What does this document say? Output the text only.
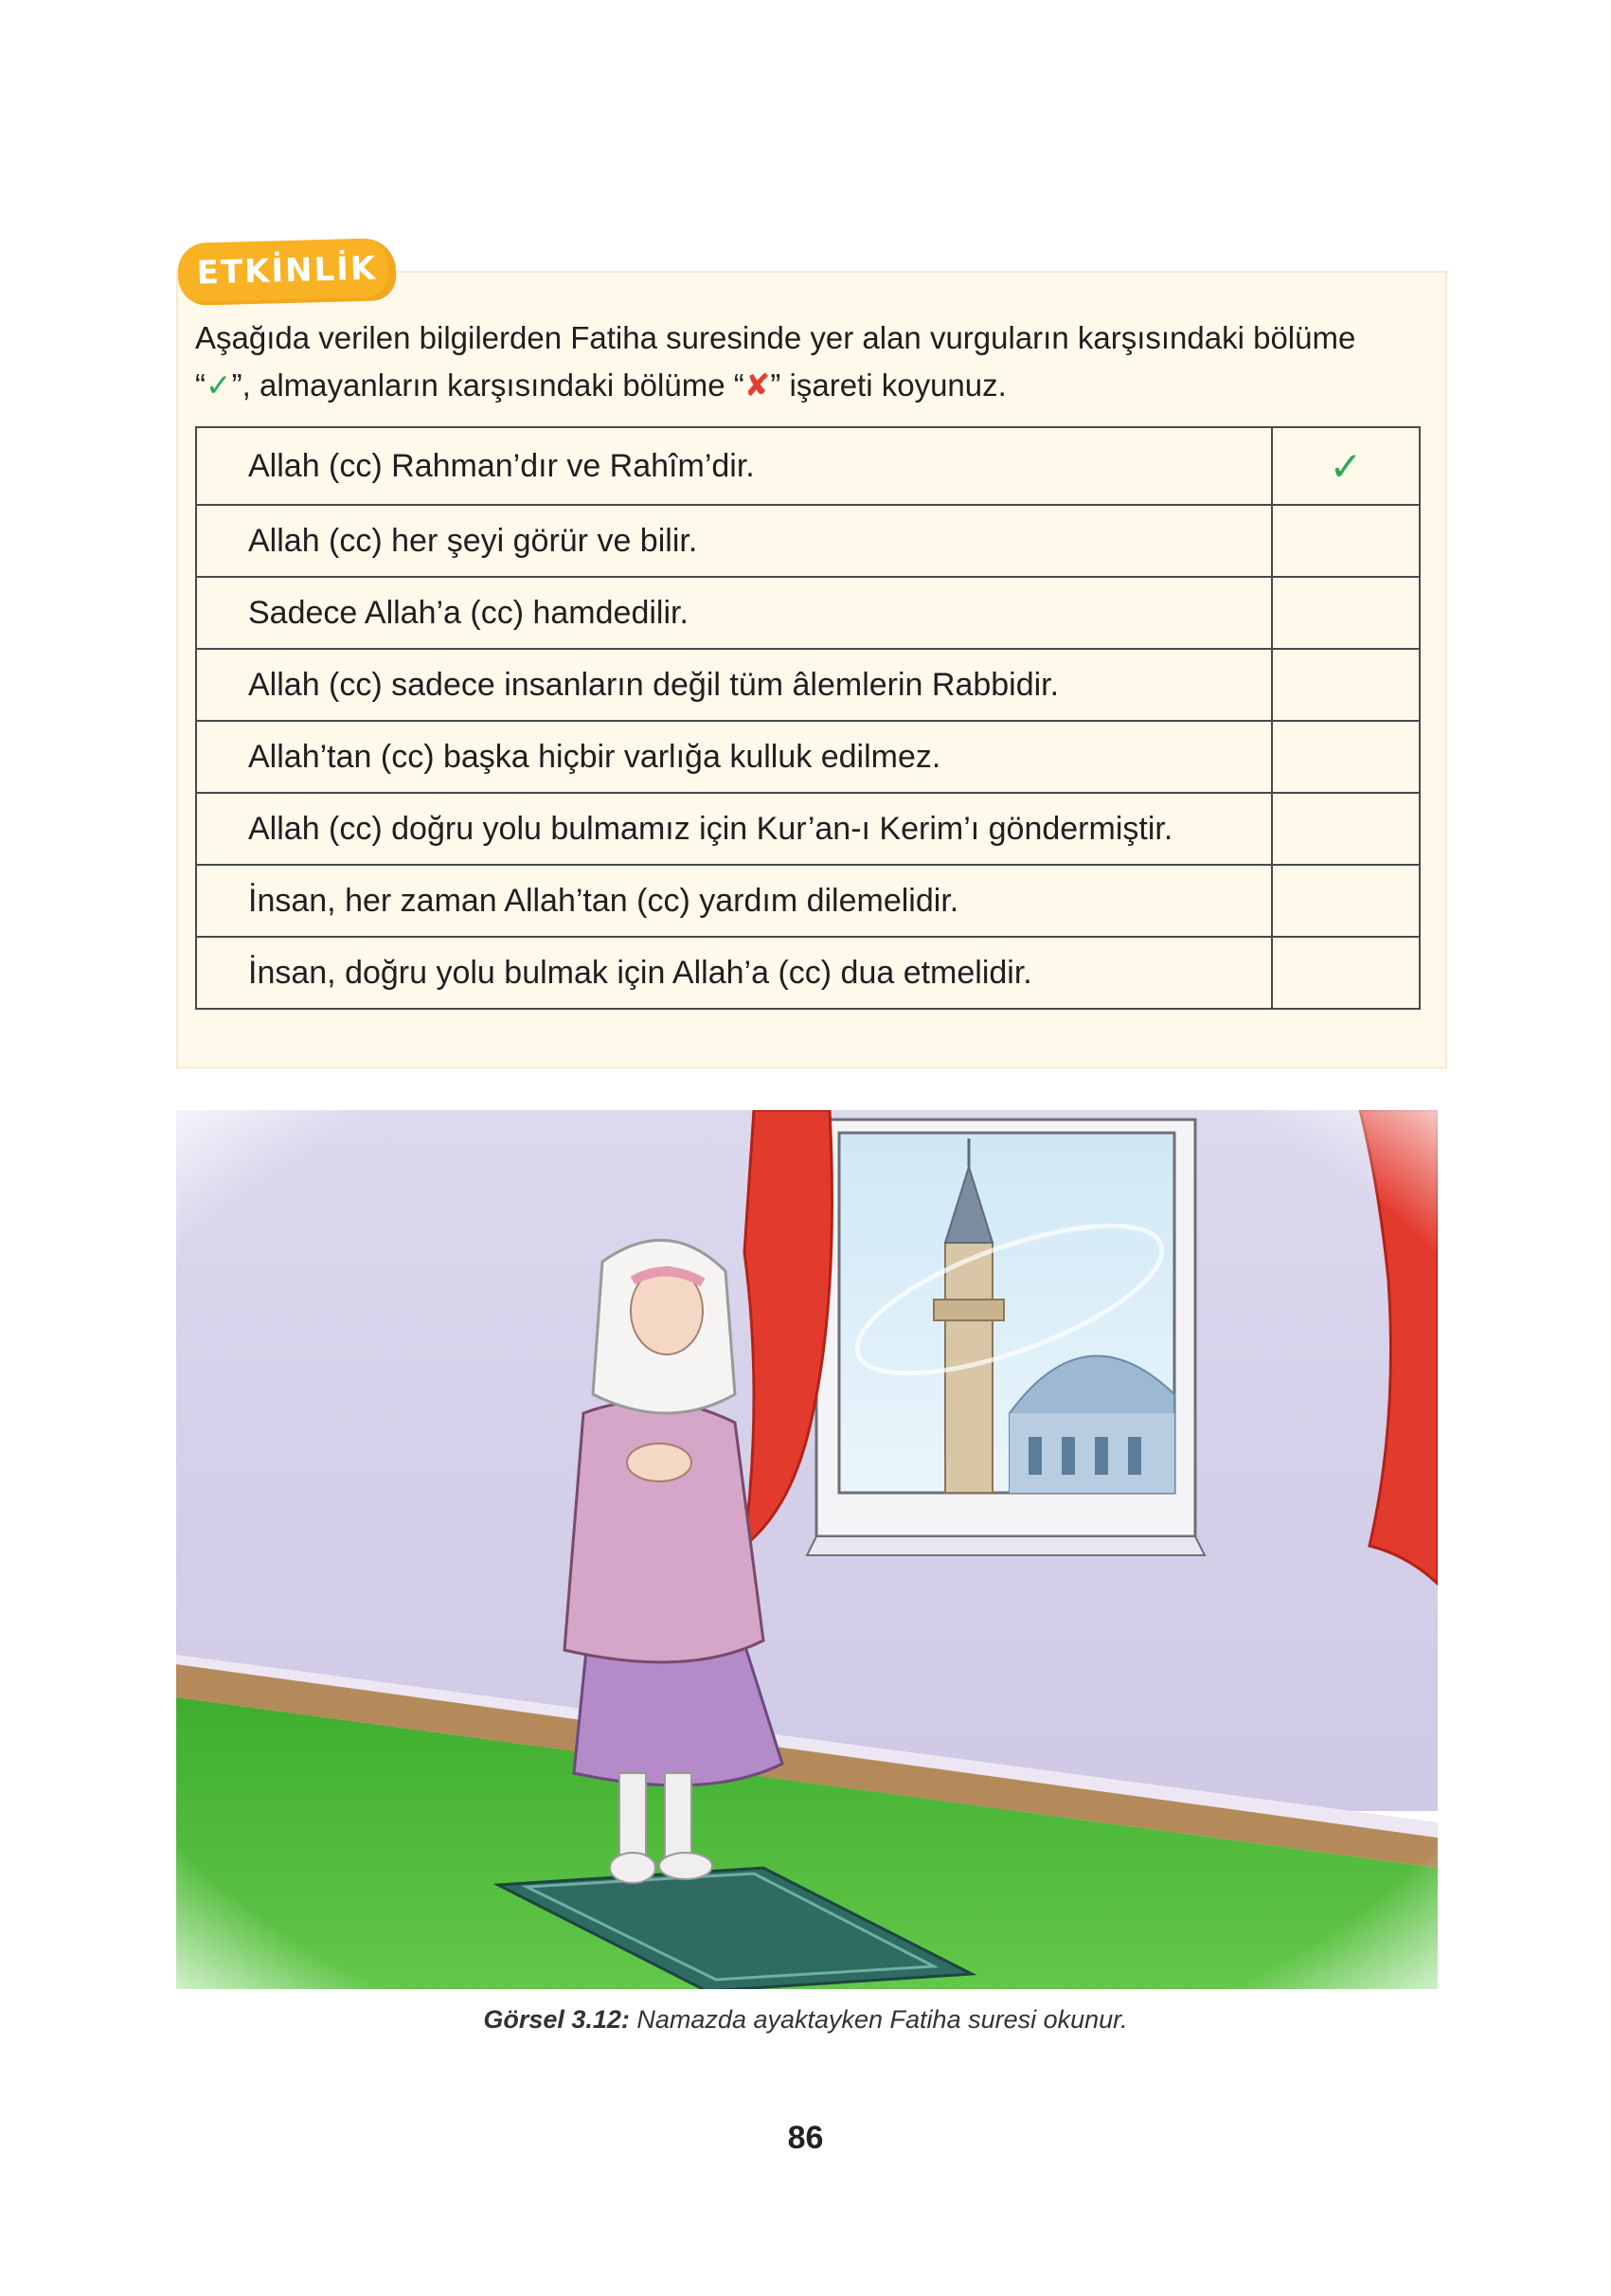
ETKİNLİK
Aşağıda verilen bilgilerden Fatiha suresinde yer alan vurguların karşısındaki bölüme
“✓”, almayanların karşısındaki bölüme “✘” işareti koyunuz.
Allah (cc) Rahman’dır ve Rahîm’dir.	✓
Allah (cc) her şeyi görür ve bilir.	
Sadece Allah’a (cc) hamdedilir.	
Allah (cc) sadece insanların değil tüm âlemlerin Rabbidir.	
Allah’tan (cc) başka hiçbir varlığa kulluk edilmez.	
Allah (cc) doğru yolu bulmamız için Kur’an-ı Kerim’ı göndermiştir.	
İnsan, her zaman Allah’tan (cc) yardım dilemelidir.	
İnsan, doğru yolu bulmak için Allah’a (cc) dua etmelidir.	
Görsel 3.12: Namazda ayaktayken Fatiha suresi okunur.
86
